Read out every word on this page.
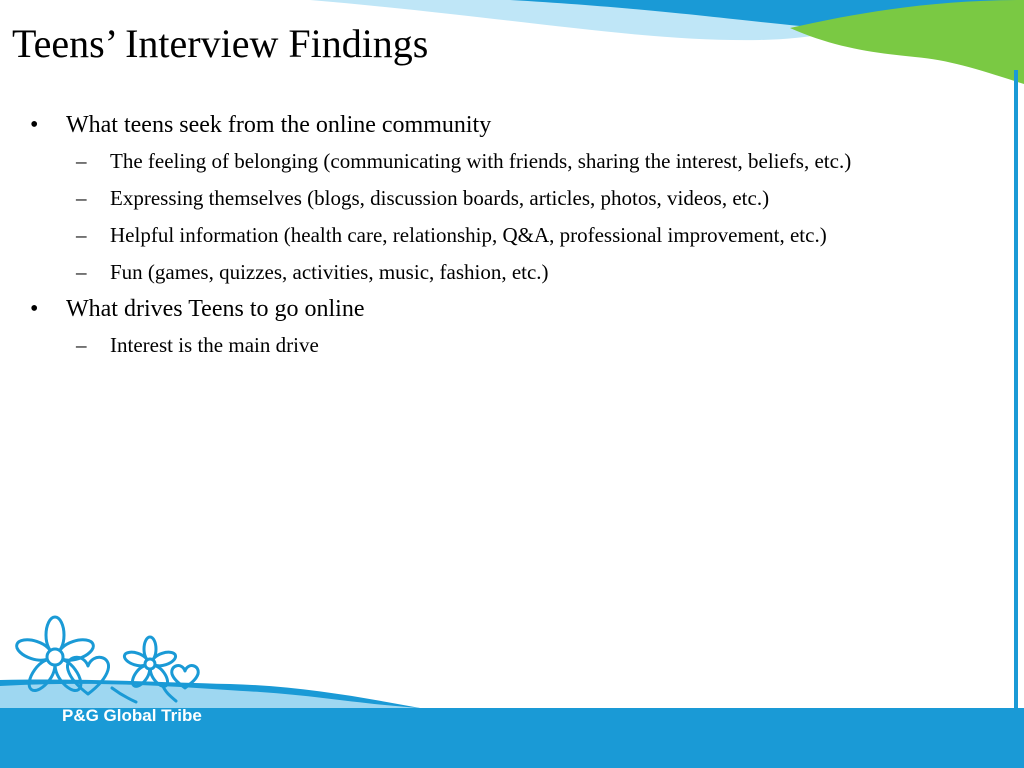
Teens’ Interview Findings
•	What teens seek from the online community
–	The feeling of belonging (communicating with friends, sharing the interest, beliefs, etc.)
–	Expressing themselves (blogs, discussion boards, articles, photos, videos, etc.)
–	Helpful information (health care, relationship, Q&A, professional improvement, etc.)
–	Fun (games, quizzes, activities, music, fashion, etc.)
•	What drives Teens to go online
–	Interest is the main drive
P&G Global Tribe
